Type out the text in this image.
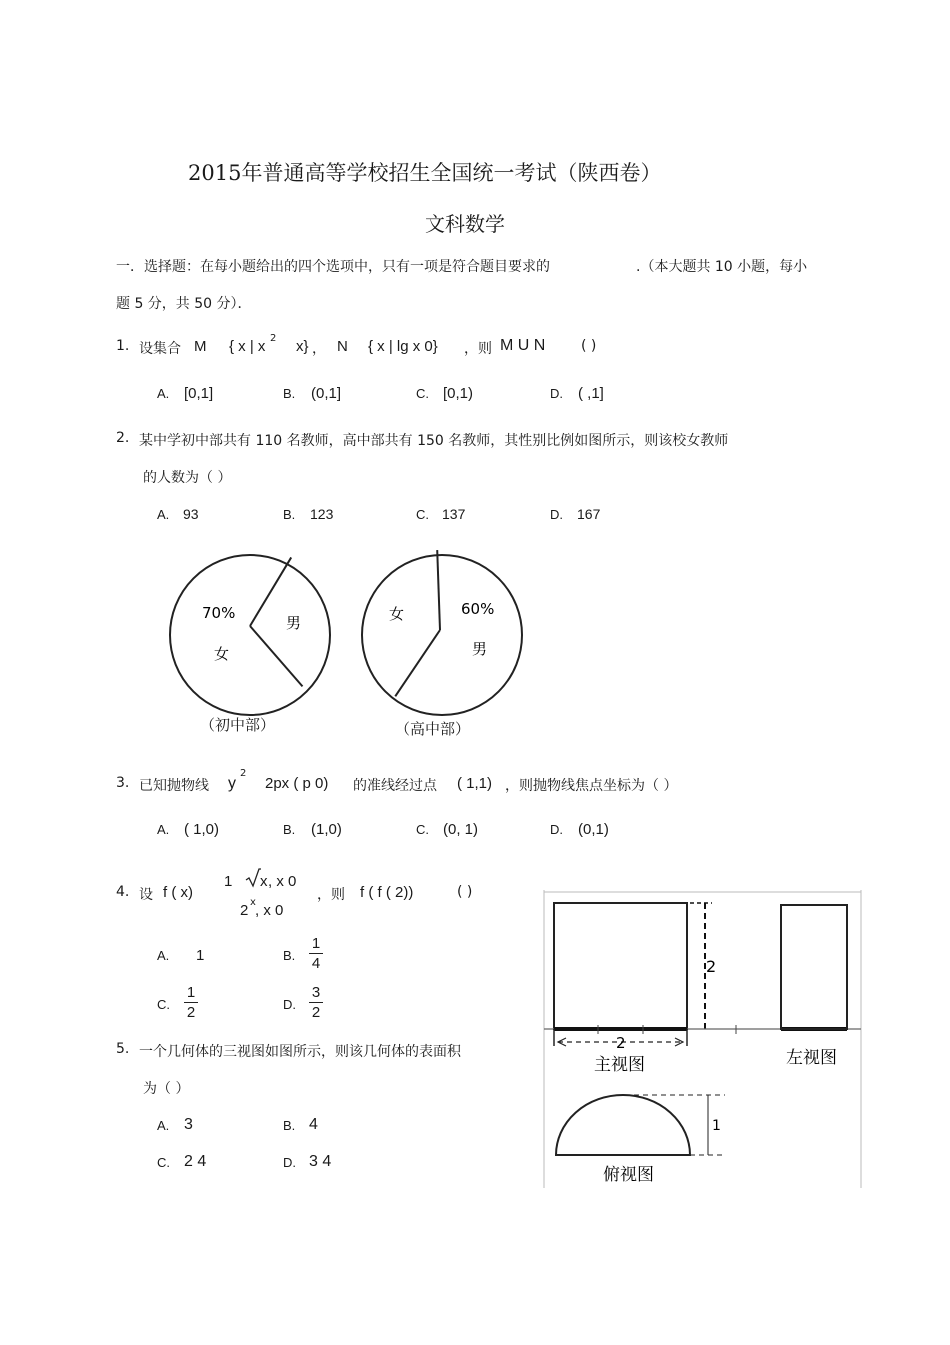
2015年普通高等学校招生全国统一考试（陕西卷）
文科数学
一．选择题：在每小题给出的四个选项中，只有一项是符合题目要求的	.（本大题共 10 小题，每小
题 5 分，共 50 分）．
1. 设集合 M { x | x 2 x} ， N { x | lg x 0} ，则 M U N	( )
A. [0,1]	B. (0,1]	C. [0,1)	D. ( ,1]
2. 某中学初中部共有 110 名教师，高中部共有 150 名教师，其性别比例如图所示，则该校女教师
的人数为（ ）
A. 93	B. 123	C. 137	D. 167
70%
女
男
（初中部）
60%
女
男
（高中部）
3. 已知抛物线 y
2
2px ( p 0) 的准线经过点 ( 1,1) ，则抛物线焦点坐标为（ ）
A. ( 1,0)	B. (1,0)	C. (0, 1)	D. (0,1)
4. 设 f ( x)
1 x , x 0
2 x , x 0
，则 f ( f ( 2))	( )
A. 1	B.
1
4
C.
1
2	D.
3
2
5. 一个几何体的三视图如图所示，则该几何体的表面积
为（ ）
A. 3	B. 4
C. 2 4	D. 3 4
2
2
主视图	左视图
1
俯视图
